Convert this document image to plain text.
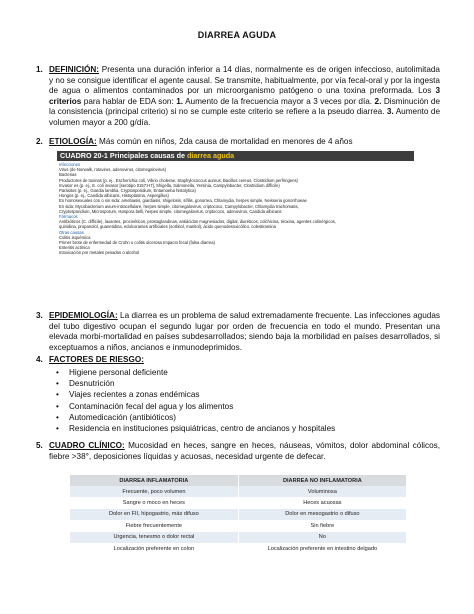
DIARREA AGUDA
1. DEFINICIÓN: Presenta una duración inferior a 14 días, normalmente es de origen infeccioso, autolimitada y no se consigue identificar el agente causal. Se transmite, habitualmente, por vía fecal-oral y por la ingesta de agua o alimentos contaminados por un microorganismo patógeno o una toxina preformada. Los 3 criterios para hablar de EDA son: 1. Aumento de la frecuencia mayor a 3 veces por día. 2. Disminución de la consistencia (principal criterio) si no se cumple este criterio se refiere a la pseudo diarrea. 3. Aumento de volumen mayor a 200 g/día.
2. ETIOLOGÍA: Más común en niños, 2da causa de mortalidad en menores de 4 años
CUADRO 20-1 Principales causas de diarrea aguda
Infecciones
Virus (de Norwalk, rotavirus, adenovirus, citomegalovirus)
Bacterias
Productores de toxinas (p. ej., Escherichia coli, Vibrio cholerae, Staphylococcus aureus, Bacillus cereus, Clostridium perfringens)
Invasor es (p. ej., E. coli invasor [serotipo 0157:H7], Shigella, Salmonella, Yersinia, Campylobacter, Clostridium difficile)
Parásitos (p. ej., Giardia lamblia, Cryptosporidium, Entamoeba histolytica)
Hongos (p. ej., Candida albicans, Histoplasma, Aspergillus)
En homosexuales con o sin sida: amebiasis, giardiasis, shigelosis, sífilis, gonorrea, Chlamydia, herpes simple, Neisseria gonorrhoeae
En sida: Mycobacterium avium-intracellulare, herpes simple, citomegalovirus, criptococo, Campylobacter, Chlamydia trachomatis,
Cryptosporidium, Microsporum, Isospora belli, herpes simple, citomegalovirus, criptococo, adenovirus, Candida albicans
Fármacos
Antibióticos (C. difficile), laxantes, procinéticos, prostaglandinas, antiácidos magnesiados, digital, diuréticos, colchicina, tiroxina, agentes colinérgicos,
quinidina, propanolol, guanetidina, edulcorantes artificiales (sorbitol, manitol), ácido quenodesoxicólico, colestiramina
Otras causas
Colitis isquémica
Primer brote de enfermedad de Crohn o colitis ulcerosa Impacto fecal (falsa diarrea)
Enteritis actínica
Intoxicación por metales pesados o alcohol
3. EPIDEMIOLOGÍA: La diarrea es un problema de salud extremadamente frecuente. Las infecciones agudas del tubo digestivo ocupan el segundo lugar por orden de frecuencia en todo el mundo. Presentan una elevada morbi-mortalidad en países subdesarrollados; siendo baja la morbilidad en países desarrollados, si exceptuamos a niños, ancianos e inmunodeprimidos.
4. FACTORES DE RIESGO:
• Higiene personal deficiente
• Desnutrición
• Viajes recientes a zonas endémicas
• Contaminación fecal del agua y los alimentos
• Automedicación (antibióticos)
• Residencia en instituciones psiquiátricas, centro de ancianos y hospitales
5. CUADRO CLÍNICO: Mucosidad en heces, sangre en heces, náuseas, vómitos, dolor abdominal cólicos, fiebre >38°, deposiciones líquidas y acuosas, necesidad urgente de defecar.
DIARREA INFLAMATORIA	DIARREA NO INFLAMATORIA
Frecuente, poco volumen	Voluminosa
Sangre o moco en heces	Heces acuosas
Dolor en FII, hipogastrio, más difuso	Dolor en mesogastrio o difuso
Fiebre frecuentemente	Sin fiebre
Urgencia, tenesmo o dolor rectal	No
Localización preferente en colon	Localización preferente en intestino delgado
